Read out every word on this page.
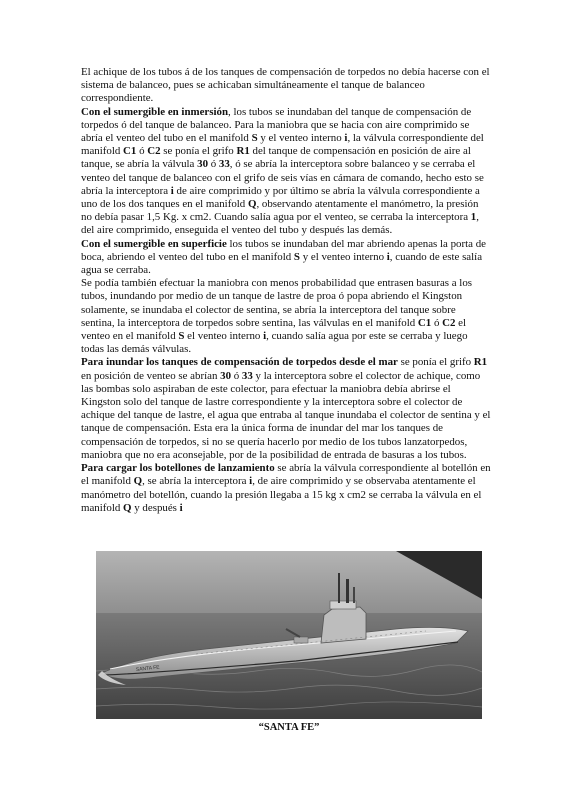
El achique de los tubos á de los tanques de compensación de torpedos no debía hacerse con el sistema de balanceo, pues se achicaban simultáneamente el tanque de balanceo correspondiente.

Con el sumergible en inmersión, los tubos se inundaban del tanque de compensación de torpedos ó del tanque de balanceo. Para la maniobra que se hacia con aire comprimido se abría el venteo del tubo en el manifold S y el venteo interno i, la válvula correspondiente del manifold C1 ó C2 se ponía el grifo R1 del tanque de compensación en posición de aire al tanque, se abría la válvula 30 ó 33, ó se abría la interceptora sobre balanceo y se cerraba el venteo del tanque de balanceo con el grifo de seis vías en cámara de comando, hecho esto se abría la interceptora i de aire comprimido y por último se abría la válvula correspondiente a uno de los dos tanques en el manifold Q, observando atentamente el manómetro, la presión no debía pasar 1,5 Kg. x cm2. Cuando salía agua por el venteo, se cerraba la interceptora 1, del aire comprimido, enseguida el venteo del tubo y después las demás.

Con el sumergible en superficie los tubos se inundaban del mar abriendo apenas la porta de boca, abriendo el venteo del tubo en el manifold S y el venteo interno i, cuando de este salía agua se cerraba.

Se podía también efectuar la maniobra con menos probabilidad que entrasen basuras a los tubos, inundando por medio de un tanque de lastre de proa ó popa abriendo el Kingston solamente, se inundaba el colector de sentina, se abría la interceptora del tanque sobre sentina, la interceptora de torpedos sobre sentina, las válvulas en el manifold C1 ó C2 el venteo en el manifold S el venteo interno i, cuando salía agua por este se cerraba y luego todas las demás válvulas.

Para inundar los tanques de compensación de torpedos desde el mar se ponía el grifo R1 en posición de venteo se abrían 30 ó 33 y la interceptora sobre el colector de achique, como las bombas solo aspiraban de este colector, para efectuar la maniobra debía abrirse el Kingston solo del tanque de lastre correspondiente y la interceptora sobre el colector de achique del tanque de lastre, el agua que entraba al tanque inundaba el colector de sentina y el tanque de compensación. Esta era la única forma de inundar del mar los tanques de compensación de torpedos, si no se quería hacerlo por medio de los tubos lanzatorpedos, maniobra que no era aconsejable, por de la posibilidad de entrada de basuras a los tubos.

Para cargar los botellones de lanzamiento se abría la válvula correspondiente al botellón en el manifold Q, se abría la interceptora i, de aire comprimido y se observaba atentamente el manómetro del botellón, cuando la presión llegaba a 15 kg x cm2 se cerraba la válvula en el manifold Q y después i

SANTA FE
“SANTA FE”
